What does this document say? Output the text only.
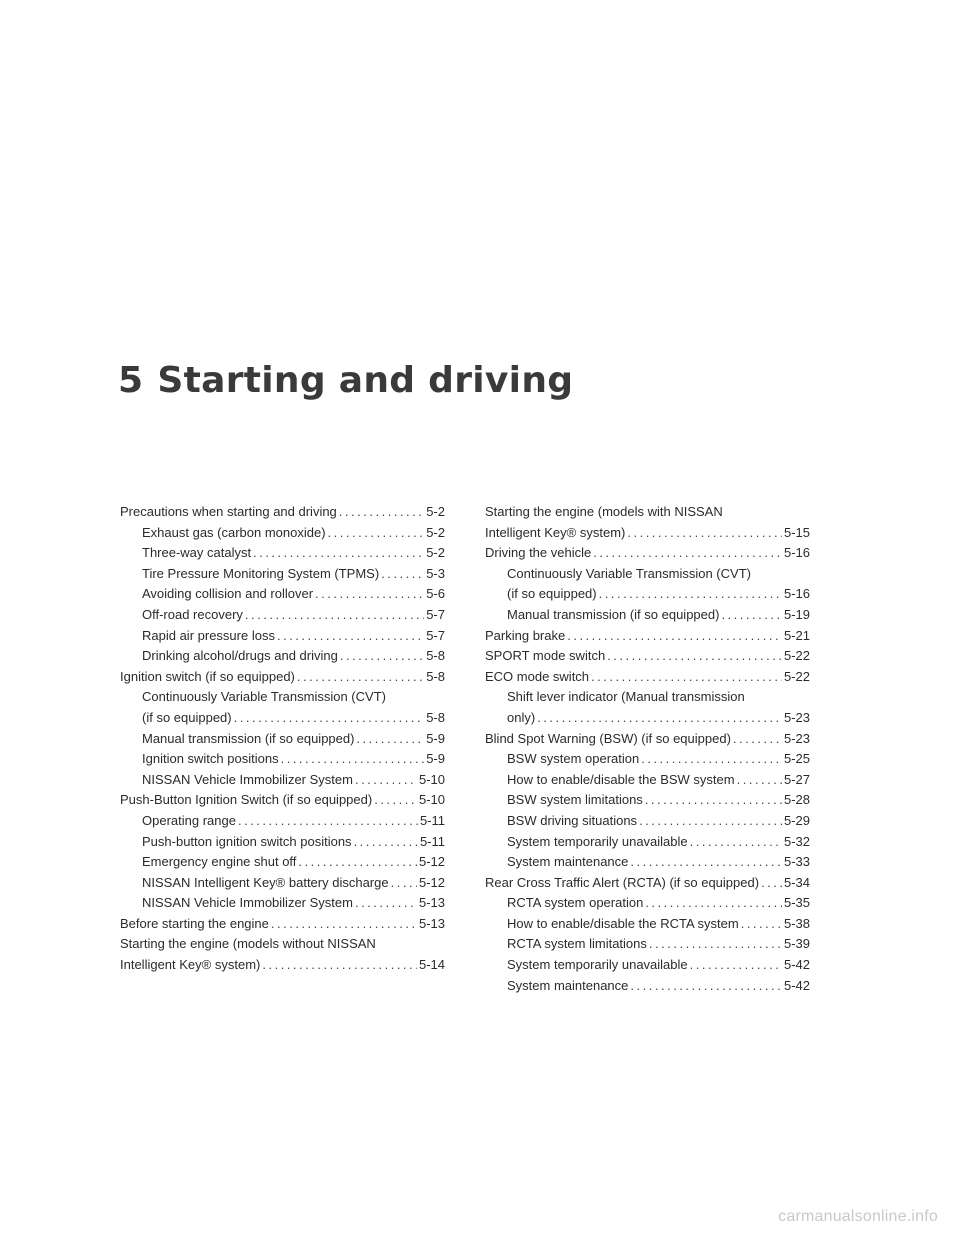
5 Starting and driving
Precautions when starting and driving .....	5-2
Exhaust gas (carbon monoxide) .....	5-2
Three-way catalyst .....	5-2
Tire Pressure Monitoring System (TPMS) .....	5-3
Avoiding collision and rollover .....	5-6
Off-road recovery .....	5-7
Rapid air pressure loss .....	5-7
Drinking alcohol/drugs and driving .....	5-8
Ignition switch (if so equipped) .....	5-8
Continuously Variable Transmission (CVT)
(if so equipped) .....	5-8
Manual transmission (if so equipped) .....	5-9
Ignition switch positions .....	5-9
NISSAN Vehicle Immobilizer System .....	5-10
Push-Button Ignition Switch (if so equipped) .....	5-10
Operating range .....	5-11
Push-button ignition switch positions .....	5-11
Emergency engine shut off .....	5-12
NISSAN Intelligent Key® battery discharge ..... 5-12
NISSAN Vehicle Immobilizer System .....	5-13
Before starting the engine .....	5-13
Starting the engine (models without NISSAN
Intelligent Key® system) .....	5-14
Starting the engine (models with NISSAN
Intelligent Key® system) .....	5-15
Driving the vehicle .....	5-16
Continuously Variable Transmission (CVT)
(if so equipped) .....	5-16
Manual transmission (if so equipped) .....	5-19
Parking brake .....	5-21
SPORT mode switch .....	5-22
ECO mode switch .....	5-22
Shift lever indicator (Manual transmission
only) .....	5-23
Blind Spot Warning (BSW) (if so equipped) .....	5-23
BSW system operation .....	5-25
How to enable/disable the BSW system .....	5-27
BSW system limitations .....	5-28
BSW driving situations .....	5-29
System temporarily unavailable .....	5-32
System maintenance .....	5-33
Rear Cross Traffic Alert (RCTA) (if so equipped) ..... 5-34
RCTA system operation .....	5-35
How to enable/disable the RCTA system .....	5-38
RCTA system limitations .....	5-39
System temporarily unavailable .....	5-42
System maintenance .....	5-42
carmanualsonline.info
